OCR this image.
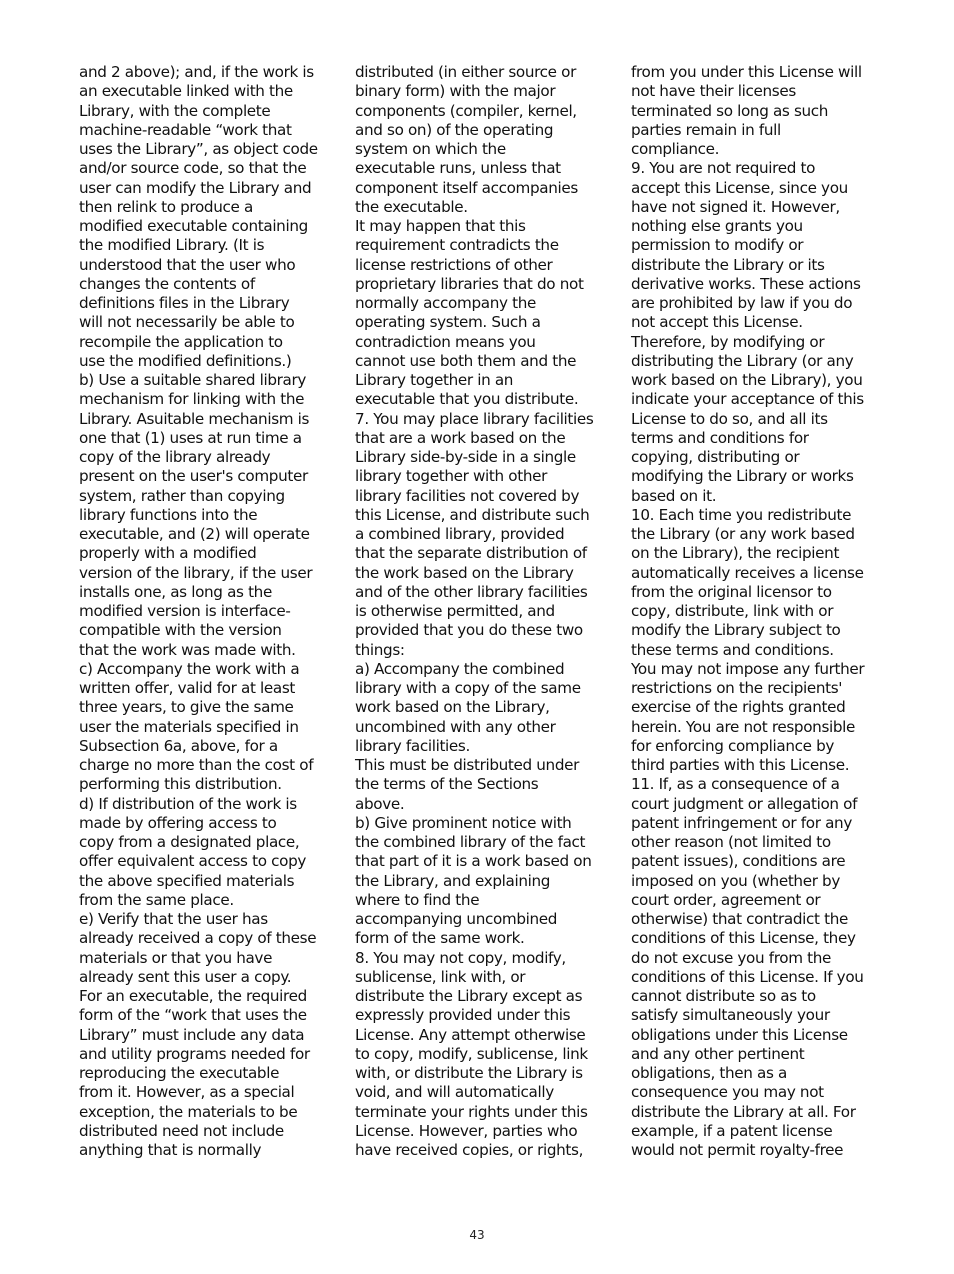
and 2 above); and, if the work is
an executable linked with the
Library, with the complete
machine-readable “work that
uses the Library”, as object code
and/or source code, so that the
user can modify the Library and
then relink to produce a
modified executable containing
the modified Library. (It is
understood that the user who
changes the contents of
definitions files in the Library
will not necessarily be able to
recompile the application to
use the modified definitions.)
b) Use a suitable shared library
mechanism for linking with the
Library. Asuitable mechanism is
one that (1) uses at run time a
copy of the library already
present on the user's computer
system, rather than copying
library functions into the
executable, and (2) will operate
properly with a modified
version of the library, if the user
installs one, as long as the
modified version is interface-
compatible with the version
that the work was made with.
c) Accompany the work with a
written offer, valid for at least
three years, to give the same
user the materials specified in
Subsection 6a, above, for a
charge no more than the cost of
performing this distribution.
d) If distribution of the work is
made by offering access to
copy from a designated place,
offer equivalent access to copy
the above specified materials
from the same place.
e) Verify that the user has
already received a copy of these
materials or that you have
already sent this user a copy.
For an executable, the required
form of the “work that uses the
Library” must include any data
and utility programs needed for
reproducing the executable
from it. However, as a special
exception, the materials to be
distributed need not include
anything that is normally
distributed (in either source or
binary form) with the major
components (compiler, kernel,
and so on) of the operating
system on which the
executable runs, unless that
component itself accompanies
the executable.
It may happen that this
requirement contradicts the
license restrictions of other
proprietary libraries that do not
normally accompany the
operating system. Such a
contradiction means you
cannot use both them and the
Library together in an
executable that you distribute.
7. You may place library facilities
that are a work based on the
Library side-by-side in a single
library together with other
library facilities not covered by
this License, and distribute such
a combined library, provided
that the separate distribution of
the work based on the Library
and of the other library facilities
is otherwise permitted, and
provided that you do these two
things:
a) Accompany the combined
library with a copy of the same
work based on the Library,
uncombined with any other
library facilities.
This must be distributed under
the terms of the Sections
above.
b) Give prominent notice with
the combined library of the fact
that part of it is a work based on
the Library, and explaining
where to find the
accompanying uncombined
form of the same work.
8. You may not copy, modify,
sublicense, link with, or
distribute the Library except as
expressly provided under this
License. Any attempt otherwise
to copy, modify, sublicense, link
with, or distribute the Library is
void, and will automatically
terminate your rights under this
License. However, parties who
have received copies, or rights,
from you under this License will
not have their licenses
terminated so long as such
parties remain in full
compliance.
9. You are not required to
accept this License, since you
have not signed it. However,
nothing else grants you
permission to modify or
distribute the Library or its
derivative works. These actions
are prohibited by law if you do
not accept this License.
Therefore, by modifying or
distributing the Library (or any
work based on the Library), you
indicate your acceptance of this
License to do so, and all its
terms and conditions for
copying, distributing or
modifying the Library or works
based on it.
10. Each time you redistribute
the Library (or any work based
on the Library), the recipient
automatically receives a license
from the original licensor to
copy, distribute, link with or
modify the Library subject to
these terms and conditions.
You may not impose any further
restrictions on the recipients'
exercise of the rights granted
herein. You are not responsible
for enforcing compliance by
third parties with this License.
11. If, as a consequence of a
court judgment or allegation of
patent infringement or for any
other reason (not limited to
patent issues), conditions are
imposed on you (whether by
court order, agreement or
otherwise) that contradict the
conditions of this License, they
do not excuse you from the
conditions of this License. If you
cannot distribute so as to
satisfy simultaneously your
obligations under this License
and any other pertinent
obligations, then as a
consequence you may not
distribute the Library at all. For
example, if a patent license
would not permit royalty-free
43
